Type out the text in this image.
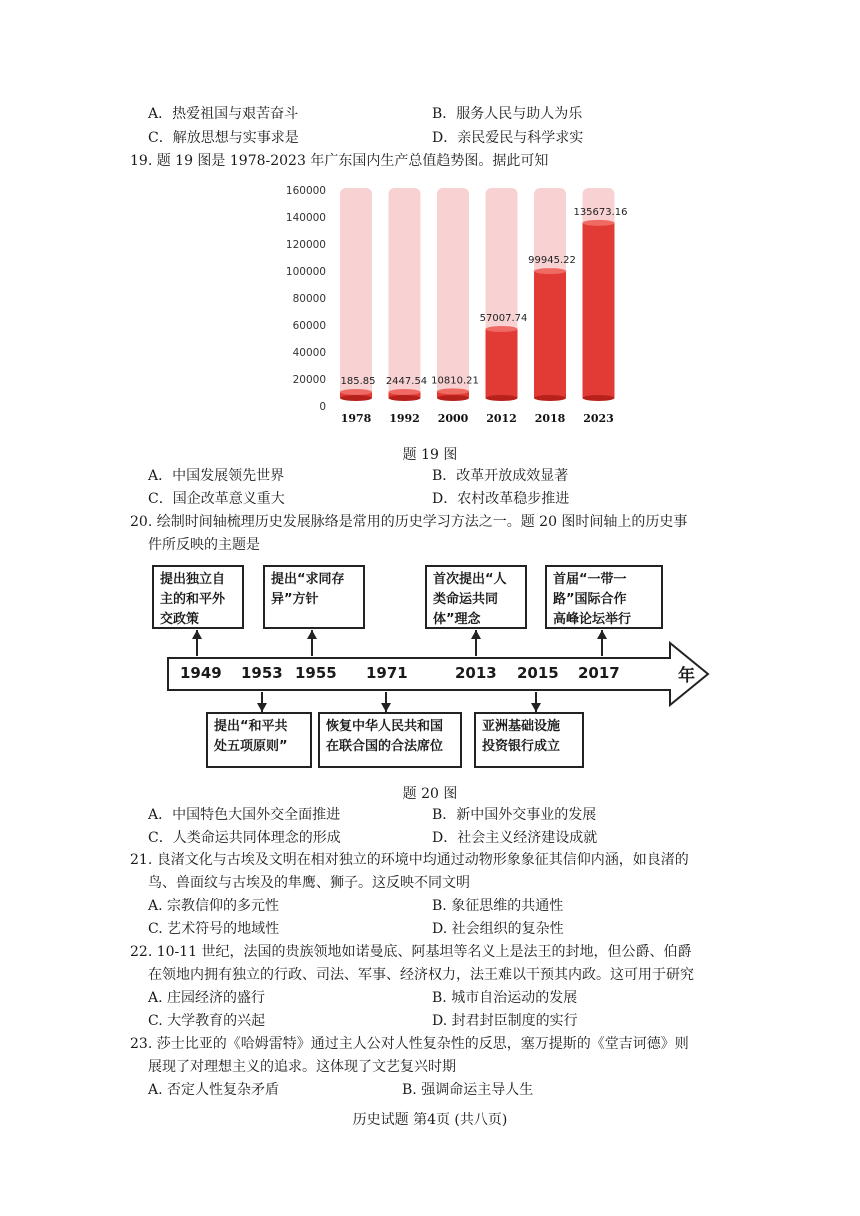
A．热爱祖国与艰苦奋斗	B．服务人民与助人为乐
C．解放思想与实事求是	D．亲民爱民与科学求实
19. 题 19 图是 1978-2023 年广东国内生产总值趋势图。据此可知
0
20000
40000
60000
80000
100000
120000
140000
160000
185.85 2447.54 10810.21
57007.74
99945.22
135673.16
1978 1992 2000 2012 2018 2023
题 19 图
A．中国发展领先世界	B．改革开放成效显著
C．国企改革意义重大	D．农村改革稳步推进
20. 绘制时间轴梳理历史发展脉络是常用的历史学习方法之一。题 20 图时间轴上的历史事
件所反映的主题是
1949 1953 1955 1971	2013 2015 2017	年
提出独立自
主的和平外
交政策
提出“求同存
异”方针
首次提出“人
类命运共同
体”理念
首届“一带一
路”国际合作
高峰论坛举行
提出“和平共
处五项原则”
恢复中华人民共和国
在联合国的合法席位
亚洲基础设施
投资银行成立
题 20 图
A．中国特色大国外交全面推进	B．新中国外交事业的发展
C．人类命运共同体理念的形成	D．社会主义经济建设成就
21. 良渚文化与古埃及文明在相对独立的环境中均通过动物形象象征其信仰内涵，如良渚的
鸟、兽面纹与古埃及的隼鹰、狮子。这反映不同文明
A. 宗教信仰的多元性	B. 象征思维的共通性
C. 艺术符号的地域性	D. 社会组织的复杂性
22. 10-11 世纪，法国的贵族领地如诺曼底、阿基坦等名义上是法王的封地，但公爵、伯爵
在领地内拥有独立的行政、司法、军事、经济权力，法王难以干预其内政。这可用于研究
A. 庄园经济的盛行	B. 城市自治运动的发展
C. 大学教育的兴起	D. 封君封臣制度的实行
23. 莎士比亚的《哈姆雷特》通过主人公对人性复杂性的反思，塞万提斯的《堂吉诃德》则
展现了对理想主义的追求。这体现了文艺复兴时期
A. 否定人性复杂矛盾	B. 强调命运主导人生
历史试题 第4页 (共八页)
